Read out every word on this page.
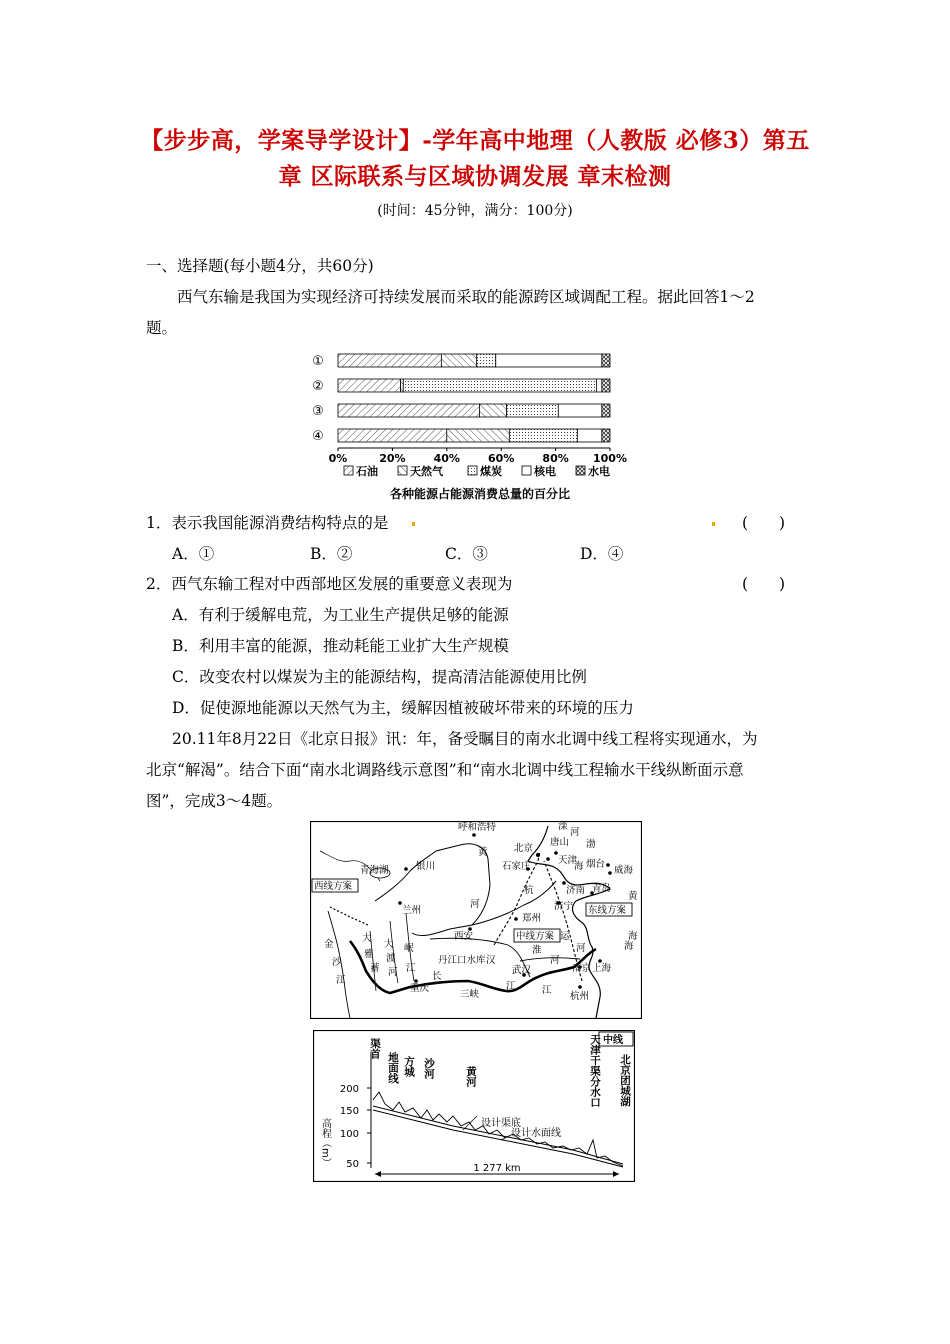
【步步高，学案导学设计】-学年高中地理（人教版 必修3）第五
章 区际联系与区域协调发展 章末检测
(时间：45分钟，满分：100分)
一、选择题(每小题4分，共60分)
西气东输是我国为实现经济可持续发展而采取的能源跨区域调配工程。据此回答1～2
题。
0%	20%	40%	60%	80% 100%
①
②
③
④
石油	天然气	煤炭	核电	水电
各种能源占能源消费总量的百分比
1．表示我国能源消费结构特点的是	(　　)
A．①	B．②	C．③	D．④
2．西气东输工程对中西部地区发展的重要意义表现为	(　　)
A．有利于缓解电荒，为工业生产提供足够的能源
B．利用丰富的能源，推动耗能工业扩大生产规模
C．改变农村以煤炭为主的能源结构，提高清洁能源使用比例
D．促使源地能源以天然气为主，缓解因植被破坏带来的环境的压力
20.11年8月22日《北京日报》讯：年，备受瞩目的南水北调中线工程将实现通水，为
北京“解渴”。结合下面“南水北调路线示意图”和“南水北调中线工程输水干线纵断面示意
图”，完成3～4题。
呼和浩特
青海湖	银川
黄
河
兰州
金
沙
江
大
雅
蓄
大
渡
河
岷
江
西安
丹江口水库
长
重庆
三峡
汉
武汉
江
郑州
北京
石家庄
天津
唐山
滦
河
渤
海 烟台
威海
济南 青岛
济宁
黄
海
淮
河
运
河
南京 上海
杭州
江
杭
海
西线方案
中线方案
东线方案
中线
200
150
100
50
高程（m）
1 277 km
渠首
地面线 方城 沙河	黄河	天津干渠分水口 北京团城湖
设计渠底
设计水面线
